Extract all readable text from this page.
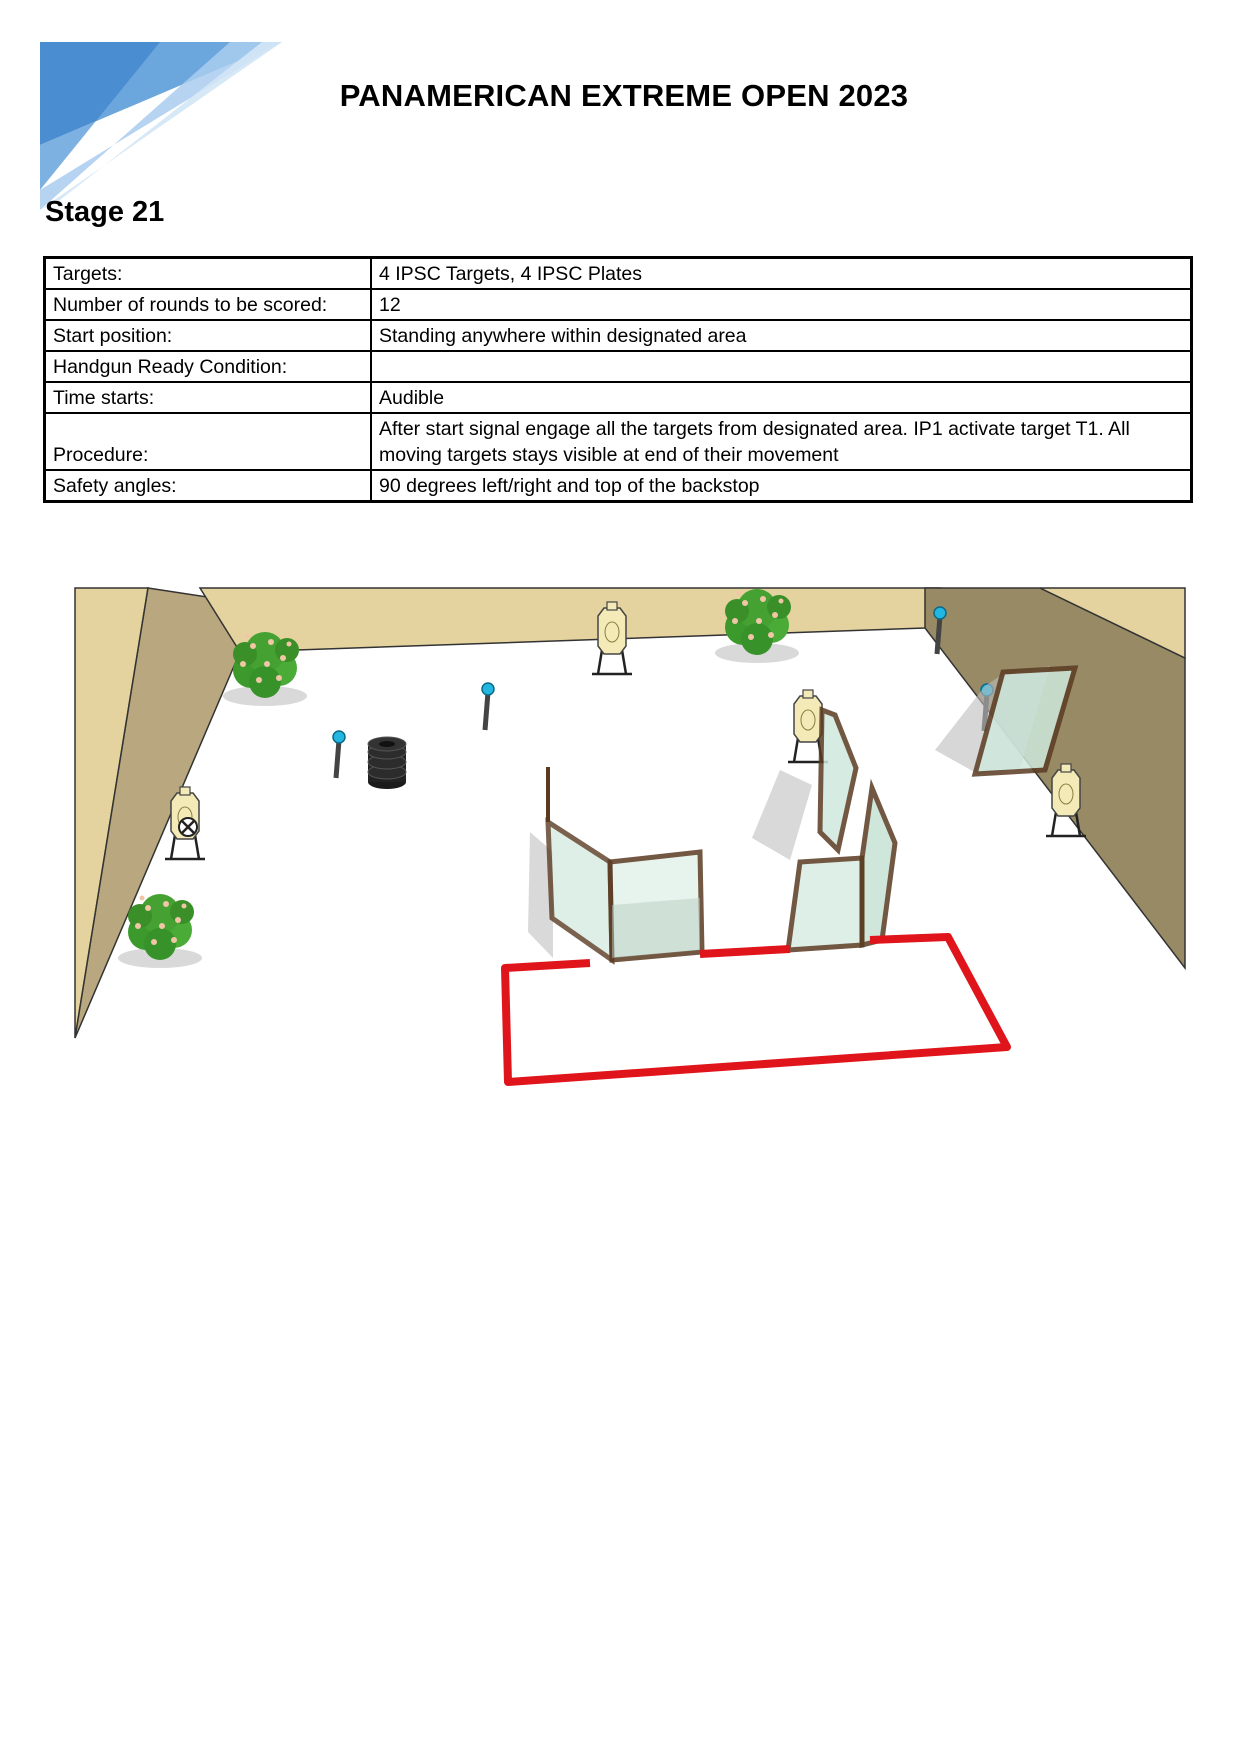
PANAMERICAN EXTREME OPEN 2023
Stage 21
Targets:	4 IPSC Targets, 4 IPSC Plates
Number of rounds to be scored:	12
Start position:	Standing anywhere within designated area
Handgun Ready Condition:	
Time starts:	Audible
Procedure:	After start signal engage all the targets from designated area. IP1 activate target T1. All moving targets stays visible at end of their movement
Safety angles:	90 degrees left/right and top of the backstop
